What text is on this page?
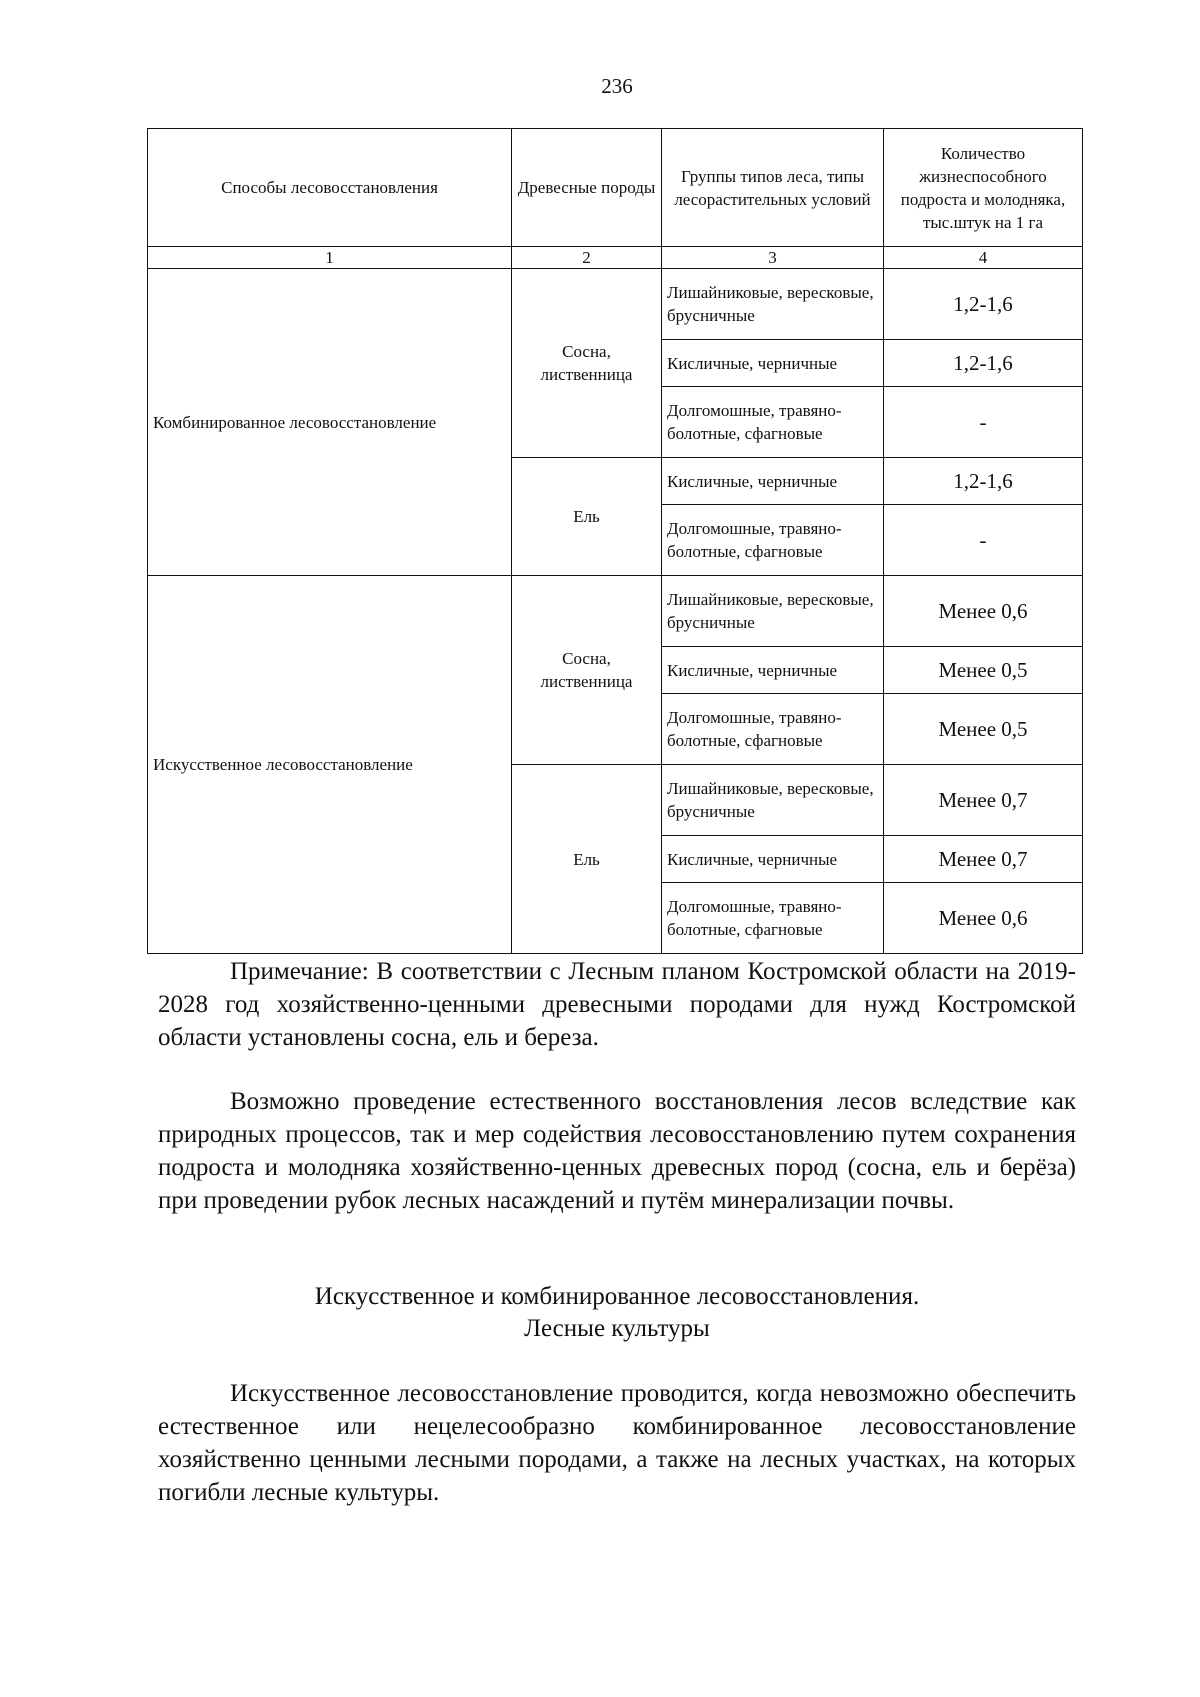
236
Способы лесовосстановления	Древесные породы	Группы типов леса, типы лесорастительных условий	Количество жизнеспособного подроста и молодняка, тыс.штук на 1 га
1	2	3	4
Комбинированное лесовосстановление	Сосна, лиственница	Лишайниковые, вересковые, брусничные	1,2-1,6
		Кисличные, черничные	1,2-1,6
		Долгомошные, травяно-болотные, сфагновые	-
	Ель	Кисличные, черничные	1,2-1,6
		Долгомошные, травяно-болотные, сфагновые	-
Искусственное лесовосстановление	Сосна, лиственница	Лишайниковые, вересковые, брусничные	Менее 0,6
		Кисличные, черничные	Менее 0,5
		Долгомошные, травяно-болотные, сфагновые	Менее 0,5
	Ель	Лишайниковые, вересковые, брусничные	Менее 0,7
		Кисличные, черничные	Менее 0,7
		Долгомошные, травяно-болотные, сфагновые	Менее 0,6

Примечание: В соответствии с Лесным планом Костромской области на 2019-2028 год хозяйственно-ценными древесными породами для нужд Костромской области установлены сосна, ель и береза.

Возможно проведение естественного восстановления лесов вследствие как природных процессов, так и мер содействия лесовосстановлению путем сохранения подроста и молодняка хозяйственно-ценных древесных пород (сосна, ель и берёза) при проведении рубок лесных насаждений и путём минерализации почвы.

Искусственное и комбинированное лесовосстановления.
Лесные культуры

Искусственное лесовосстановление проводится, когда невозможно обеспечить естественное или нецелесообразно комбинированное лесовосстановление хозяйственно ценными лесными породами, а также на лесных участках, на которых погибли лесные культуры.
